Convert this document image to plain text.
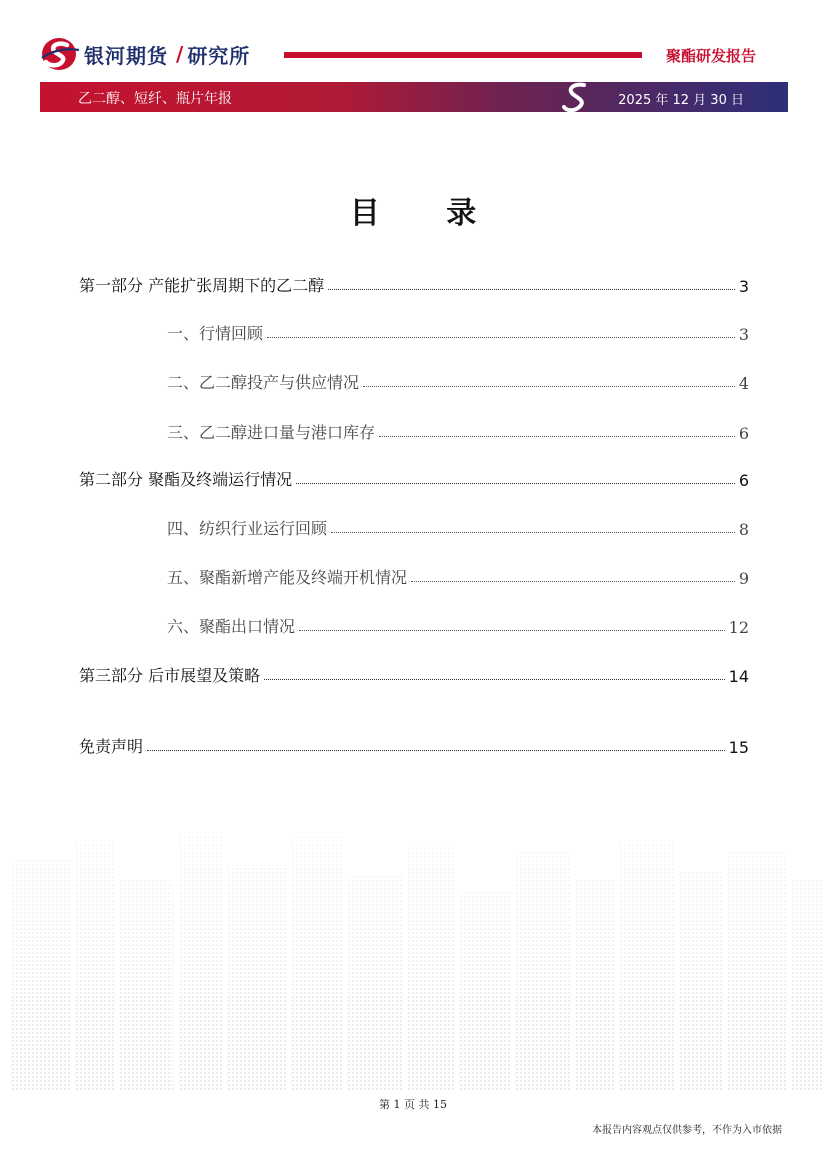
银河期货 / 研究所	聚酯研发报告
乙二醇、短纤、瓶片年报	2025 年 12 月 30 日
目 录
第一部分 产能扩张周期下的乙二醇	3
一、行情回顾	3
二、乙二醇投产与供应情况	4
三、乙二醇进口量与港口库存	6
第二部分 聚酯及终端运行情况	6
四、纺织行业运行回顾	8
五、聚酯新增产能及终端开机情况	9
六、聚酯出口情况	12
第三部分 后市展望及策略	14
免责声明	15
第 1 页 共 15
本报告内容观点仅供参考，不作为入市依据
